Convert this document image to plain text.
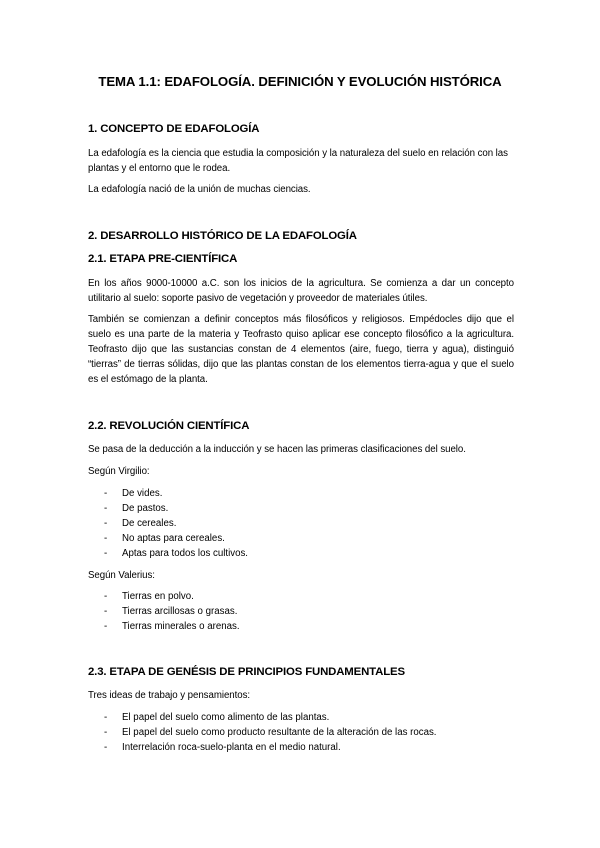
TEMA 1.1: EDAFOLOGÍA. DEFINICIÓN Y EVOLUCIÓN HISTÓRICA
1. CONCEPTO DE EDAFOLOGÍA
La edafología es la ciencia que estudia la composición y la naturaleza del suelo en relación con las plantas y el entorno que le rodea.
La edafología nació de la unión de muchas ciencias.
2. DESARROLLO HISTÓRICO DE LA EDAFOLOGÍA
2.1. ETAPA PRE-CIENTÍFICA
En los años 9000-10000 a.C. son los inicios de la agricultura. Se comienza a dar un concepto utilitario al suelo: soporte pasivo de vegetación y proveedor de materiales útiles.
También se comienzan a definir conceptos más filosóficos y religiosos. Empédocles dijo que el suelo es una parte de la materia y Teofrasto quiso aplicar ese concepto filosófico a la agricultura. Teofrasto dijo que las sustancias constan de 4 elementos (aire, fuego, tierra y agua), distinguió “tierras” de tierras sólidas, dijo que las plantas constan de los elementos tierra-agua y que el suelo es el estómago de la planta.
2.2. REVOLUCIÓN CIENTÍFICA
Se pasa de la deducción a la inducción y se hacen las primeras clasificaciones del suelo.
Según Virgilio:
- De vides.
- De pastos.
- De cereales.
- No aptas para cereales.
- Aptas para todos los cultivos.
Según Valerius:
- Tierras en polvo.
- Tierras arcillosas o grasas.
- Tierras minerales o arenas.
2.3. ETAPA DE GENÉSIS DE PRINCIPIOS FUNDAMENTALES
Tres ideas de trabajo y pensamientos:
- El papel del suelo como alimento de las plantas.
- El papel del suelo como producto resultante de la alteración de las rocas.
- Interrelación roca-suelo-planta en el medio natural.
